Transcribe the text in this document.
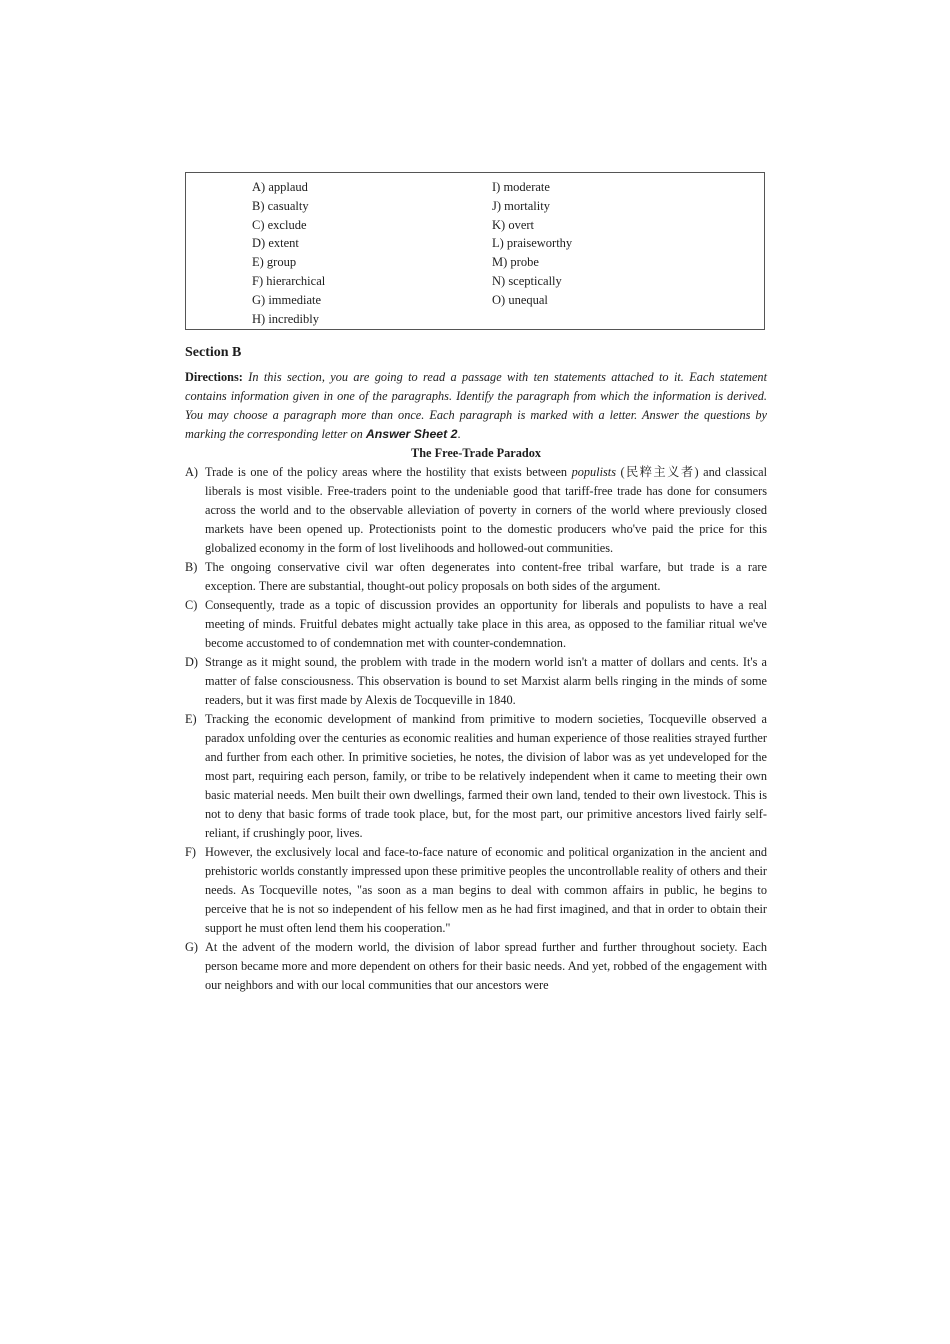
A) applaud
B) casualty
C) exclude
D) extent
E) group
F) hierarchical
G) immediate
H) incredibly
I) moderate
J) mortality
K) overt
L) praiseworthy
M) probe
N) sceptically
O) unequal
Section B

Directions: In this section, you are going to read a passage with ten statements attached to it. Each statement contains information given in one of the paragraphs. Identify the paragraph from which the information is derived. You may choose a paragraph more than once. Each paragraph is marked with a letter. Answer the questions by marking the corresponding letter on Answer Sheet 2.

The Free-Trade Paradox

A) Trade is one of the policy areas where the hostility that exists between populists (民粹主义者) and classical liberals is most visible. Free-traders point to the undeniable good that tariff-free trade has done for consumers across the world and to the observable alleviation of poverty in corners of the world where previously closed markets have been opened up. Protectionists point to the domestic producers who've paid the price for this globalized economy in the form of lost livelihoods and hollowed-out communities.

B) The ongoing conservative civil war often degenerates into content-free tribal warfare, but trade is a rare exception. There are substantial, thought-out policy proposals on both sides of the argument.

C) Consequently, trade as a topic of discussion provides an opportunity for liberals and populists to have a real meeting of minds. Fruitful debates might actually take place in this area, as opposed to the familiar ritual we've become accustomed to of condemnation met with counter-condemnation.

D) Strange as it might sound, the problem with trade in the modern world isn't a matter of dollars and cents. It's a matter of false consciousness. This observation is bound to set Marxist alarm bells ringing in the minds of some readers, but it was first made by Alexis de Tocqueville in 1840.

E) Tracking the economic development of mankind from primitive to modern societies, Tocqueville observed a paradox unfolding over the centuries as economic realities and human experience of those realities strayed further and further from each other. In primitive societies, he notes, the division of labor was as yet undeveloped for the most part, requiring each person, family, or tribe to be relatively independent when it came to meeting their own basic material needs. Men built their own dwellings, farmed their own land, tended to their own livestock. This is not to deny that basic forms of trade took place, but, for the most part, our primitive ancestors lived fairly self-reliant, if crushingly poor, lives.

F) However, the exclusively local and face-to-face nature of economic and political organization in the ancient and prehistoric worlds constantly impressed upon these primitive peoples the uncontrollable reality of others and their needs. As Tocqueville notes, "as soon as a man begins to deal with common affairs in public, he begins to perceive that he is not so independent of his fellow men as he had first imagined, and that in order to obtain their support he must often lend them his cooperation."

G) At the advent of the modern world, the division of labor spread further and further throughout society. Each person became more and more dependent on others for their basic needs. And yet, robbed of the engagement with our neighbors and with our local communities that our ancestors were
